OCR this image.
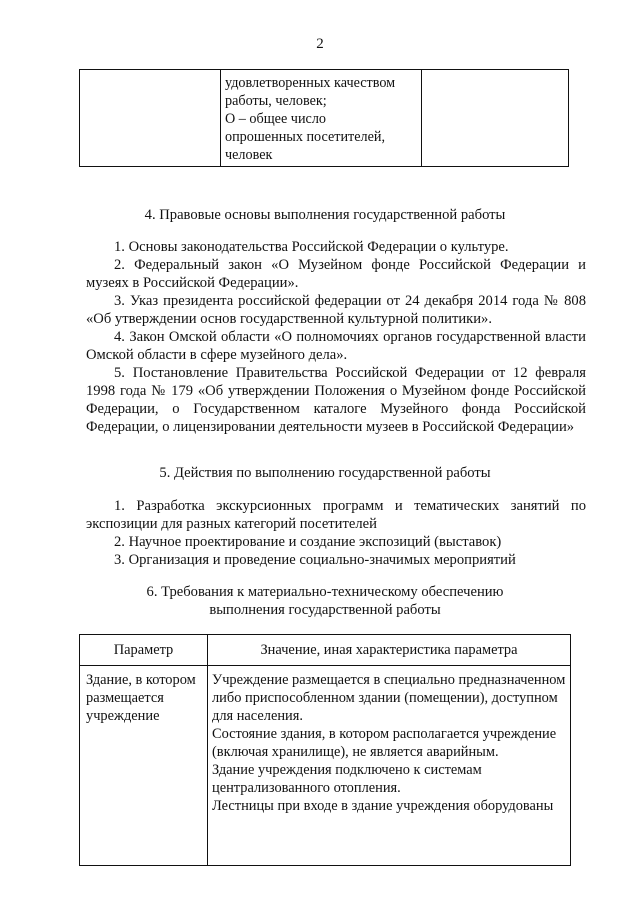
2

удовлетворенных качеством
работы, человек;
О – общее число
опрошенных посетителей,
человек

4. Правовые основы выполнения государственной работы

1. Основы законодательства Российской Федерации о культуре.

2. Федеральный закон «О Музейном фонде Российской Федерации и музеях в Российской Федерации».

3. Указ президента российской федерации от 24 декабря 2014 года № 808 «Об утверждении основ государственной культурной политики».

4. Закон Омской области «О полномочиях органов государственной власти Омской области в сфере музейного дела».

5. Постановление Правительства Российской Федерации от 12 февраля 1998 года № 179 «Об утверждении Положения о Музейном фонде Российской Федерации, о Государственном каталоге Музейного фонда Российской Федерации, о лицензировании деятельности музеев в Российской Федерации»

5. Действия по выполнению государственной работы

1. Разработка экскурсионных программ и тематических занятий по экспозиции для разных категорий посетителей

2. Научное проектирование и создание экспозиций (выставок)

3. Организация и проведение социально-значимых мероприятий

6. Требования к материально-техническому обеспечению
выполнения государственной работы
Параметр	Значение, иная характеристика параметра
Здание, в котором размещается учреждение	Учреждение размещается в специально предназначенном либо приспособленном здании (помещении), доступном для населения.
Состояние здания, в котором располагается учреждение (включая хранилище), не является аварийным.
Здание учреждения подключено к системам централизованного отопления.
Лестницы при входе в здание учреждения оборудованы
